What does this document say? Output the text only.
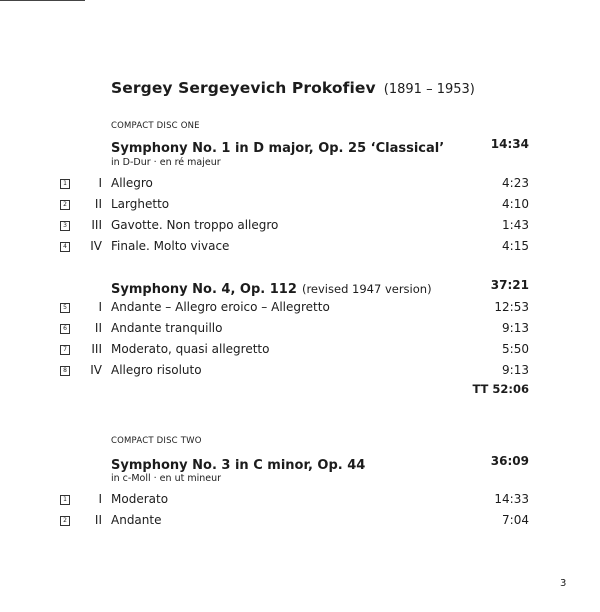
Sergey Sergeyevich Prokofiev (1891 – 1953)
COMPACT DISC ONE
Symphony No. 1 in D major, Op. 25 ‘Classical’	14:34
in D-Dur · en ré majeur
1	I Allegro	4:23
2	II Larghetto	4:10
3	III Gavotte. Non troppo allegro	1:43
4	IV Finale. Molto vivace	4:15
Symphony No. 4, Op. 112 (revised 1947 version)	37:21
5	I Andante – Allegro eroico – Allegretto	12:53
6	II Andante tranquillo	9:13
7	III Moderato, quasi allegretto	5:50
8	IV Allegro risoluto	9:13
TT 52:06
COMPACT DISC TWO
Symphony No. 3 in C minor, Op. 44	36:09
in c-Moll · en ut mineur
1	I Moderato	14:33
2	II Andante	7:04
3
